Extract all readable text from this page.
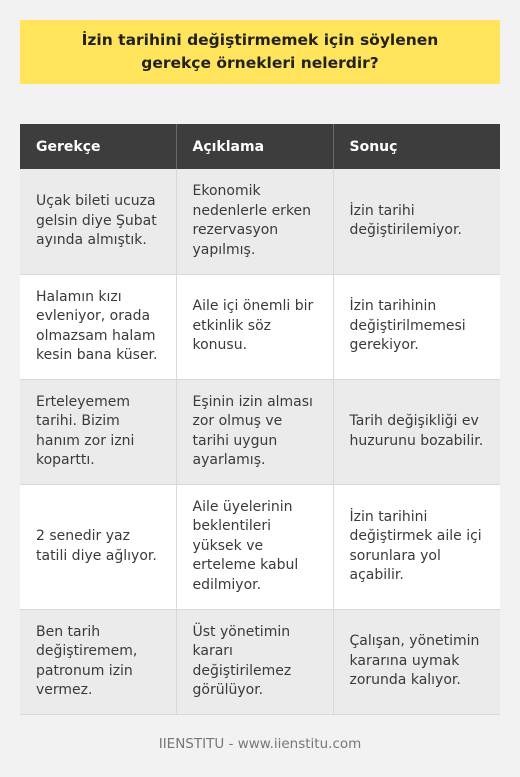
İzin tarihini değiştirmemek için söylenen gerekçe örnekleri nelerdir?
Gerekçe	Açıklama	Sonuç
Uçak bileti ucuza gelsin diye Şubat ayında almıştık.	Ekonomik nedenlerle erken rezervasyon yapılmış.	İzin tarihi değiştirilemiyor.
Halamın kızı evleniyor, orada olmazsam halam kesin bana küser.	Aile içi önemli bir etkinlik söz konusu.	İzin tarihinin değiştirilmemesi gerekiyor.
Erteleyemem tarihi. Bizim hanım zor izni koparttı.	Eşinin izin alması zor olmuş ve tarihi uygun ayarlamış.	Tarih değişikliği ev huzurunu bozabilir.
2 senedir yaz tatili diye ağlıyor.	Aile üyelerinin beklentileri yüksek ve erteleme kabul edilmiyor.	İzin tarihini değiştirmek aile içi sorunlara yol açabilir.
Ben tarih değiştiremem, patronum izin vermez.	Üst yönetimin kararı değiştirilemez görülüyor.	Çalışan, yönetimin kararına uymak zorunda kalıyor.
IIENSTITU - www.iienstitu.com
